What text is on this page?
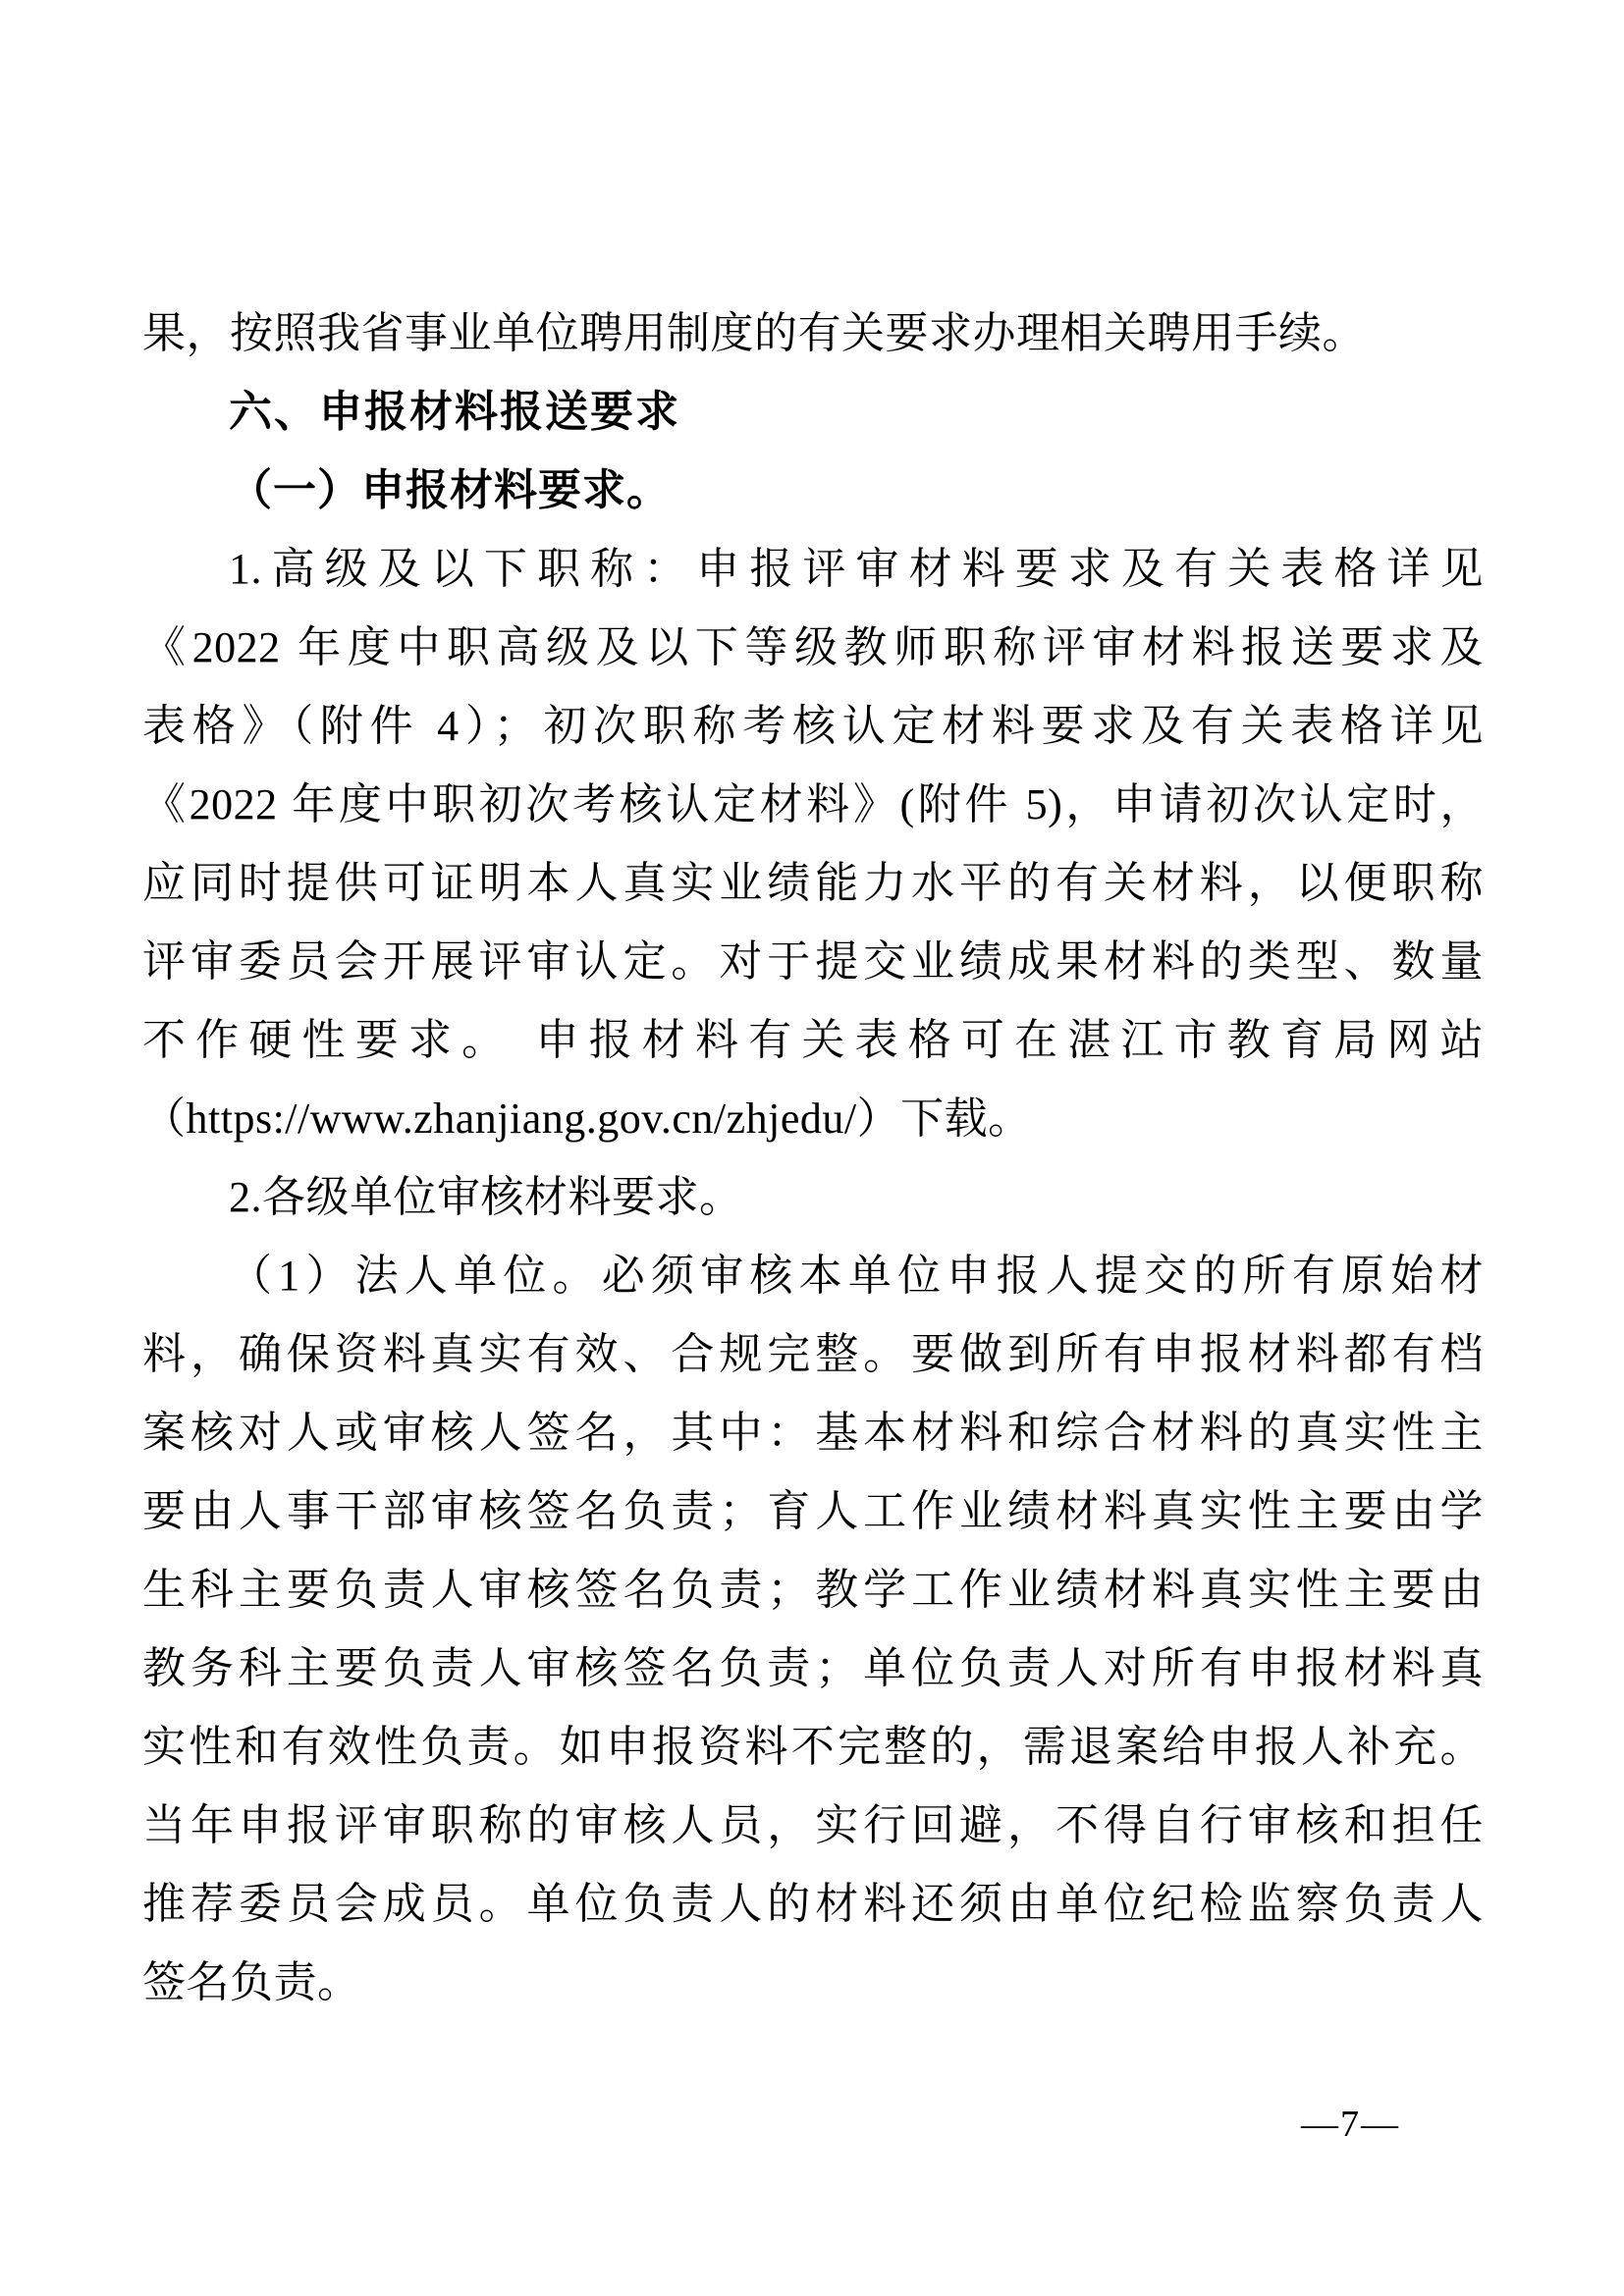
果，按照我省事业单位聘用制度的有关要求办理相关聘用手续。
六、申报材料报送要求
（一）申报材料要求。
1.高级及以下职称：申报评审材料要求及有关表格详见
《2022 年度中职高级及以下等级教师职称评审材料报送要求及
表格》（附件 4）；初次职称考核认定材料要求及有关表格详见
《2022 年度中职初次考核认定材料》(附件 5)，申请初次认定时，
应同时提供可证明本人真实业绩能力水平的有关材料，以便职称
评审委员会开展评审认定。对于提交业绩成果材料的类型、数量
不作硬性要求。 申报材料有关表格可在湛江市教育局网站
（https://www.zhanjiang.gov.cn/zhjedu/）下载。
2.各级单位审核材料要求。
（1）法人单位。必须审核本单位申报人提交的所有原始材
料，确保资料真实有效、合规完整。要做到所有申报材料都有档
案核对人或审核人签名，其中：基本材料和综合材料的真实性主
要由人事干部审核签名负责；育人工作业绩材料真实性主要由学
生科主要负责人审核签名负责；教学工作业绩材料真实性主要由
教务科主要负责人审核签名负责；单位负责人对所有申报材料真
实性和有效性负责。如申报资料不完整的，需退案给申报人补充。
当年申报评审职称的审核人员，实行回避，不得自行审核和担任
推荐委员会成员。单位负责人的材料还须由单位纪检监察负责人
签名负责。
—7—
